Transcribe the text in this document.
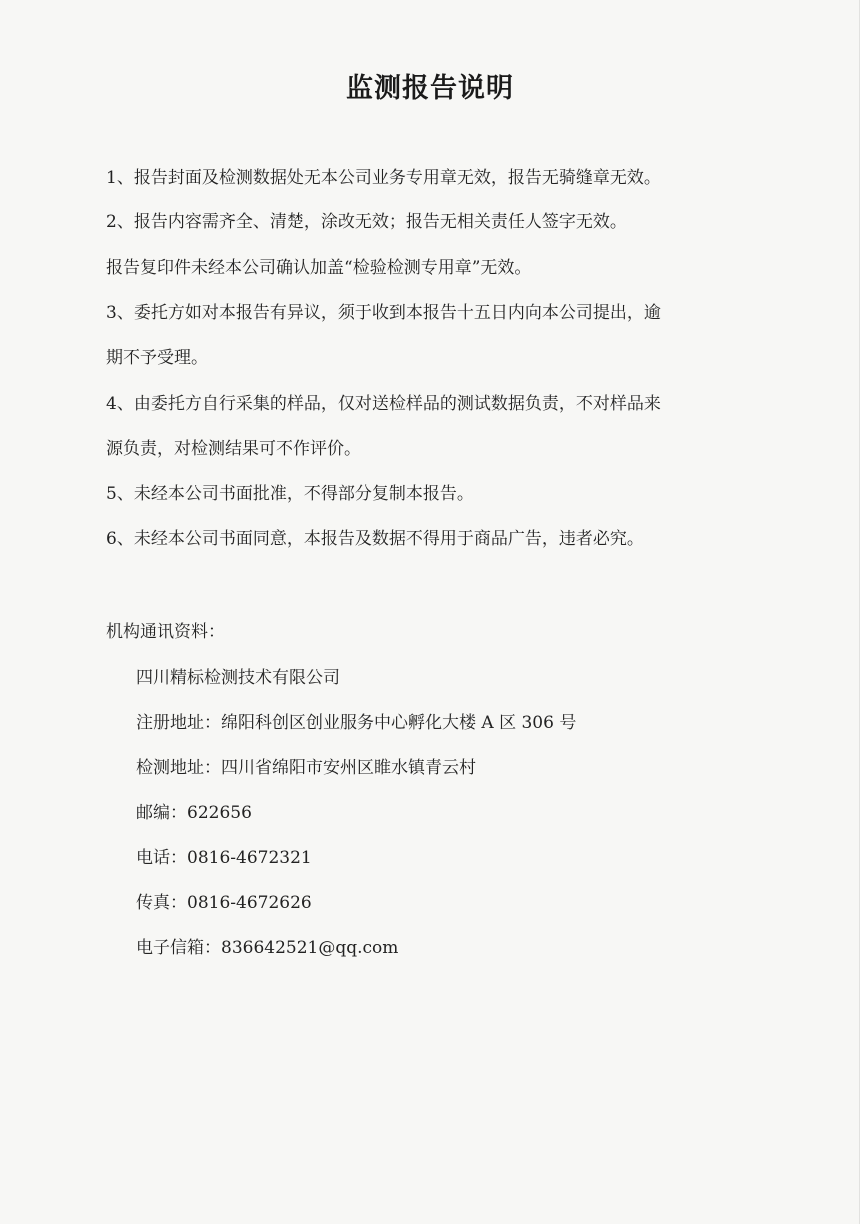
监测报告说明
1、报告封面及检测数据处无本公司业务专用章无效，报告无骑缝章无效。
2、报告内容需齐全、清楚，涂改无效；报告无相关责任人签字无效。
报告复印件未经本公司确认加盖“检验检测专用章”无效。
3、委托方如对本报告有异议，须于收到本报告十五日内向本公司提出，逾
期不予受理。
4、由委托方自行采集的样品，仅对送检样品的测试数据负责，不对样品来
源负责，对检测结果可不作评价。
5、未经本公司书面批准，不得部分复制本报告。
6、未经本公司书面同意，本报告及数据不得用于商品广告，违者必究。
机构通讯资料：
四川精标检测技术有限公司
注册地址：绵阳科创区创业服务中心孵化大楼 A 区 306 号
检测地址：四川省绵阳市安州区睢水镇青云村
邮编：622656
电话：0816-4672321
传真：0816-4672626
电子信箱：836642521@qq.com
